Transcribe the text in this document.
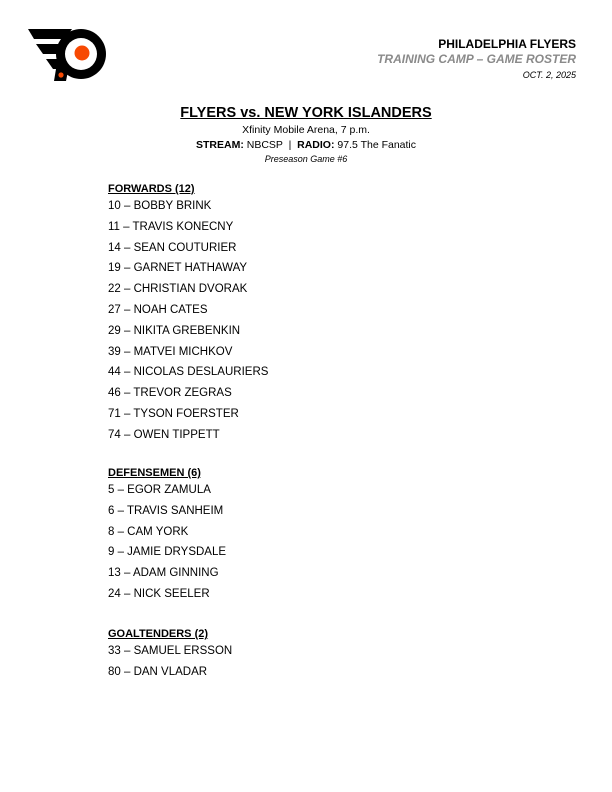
PHILADELPHIA FLYERS
TRAINING CAMP – GAME ROSTER
OCT. 2, 2025
FLYERS vs. NEW YORK ISLANDERS
Xfinity Mobile Arena, 7 p.m.
STREAM: NBCSP  |  RADIO: 97.5 The Fanatic
Preseason Game #6
FORWARDS (12)
10 – BOBBY BRINK
11 – TRAVIS KONECNY
14 – SEAN COUTURIER
19 – GARNET HATHAWAY
22 – CHRISTIAN DVORAK
27 – NOAH CATES
29 – NIKITA GREBENKIN
39 – MATVEI MICHKOV
44 – NICOLAS DESLAURIERS
46 – TREVOR ZEGRAS
71 – TYSON FOERSTER
74 – OWEN TIPPETT
DEFENSEMEN (6)
5 – EGOR ZAMULA
6 – TRAVIS SANHEIM
8 – CAM YORK
9 – JAMIE DRYSDALE
13 – ADAM GINNING
24 – NICK SEELER
GOALTENDERS (2)
33 – SAMUEL ERSSON
80 – DAN VLADAR
